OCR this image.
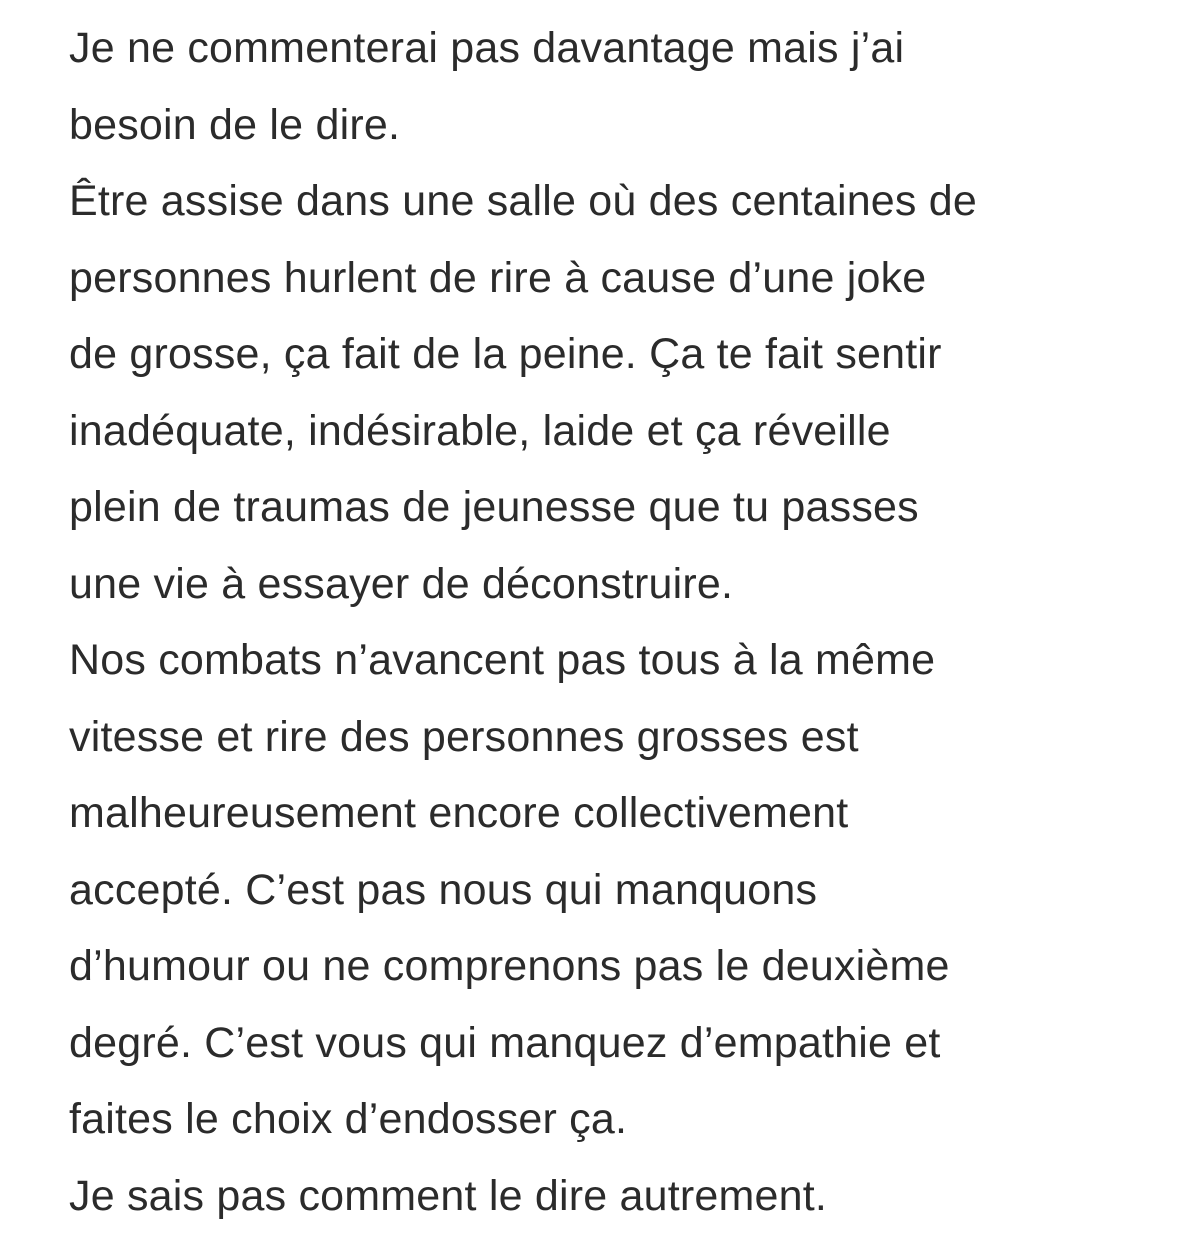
Je ne commenterai pas davantage mais j’ai
besoin de le dire.
Être assise dans une salle où des centaines de
personnes hurlent de rire à cause d’une joke
de grosse, ça fait de la peine. Ça te fait sentir
inadéquate, indésirable, laide et ça réveille
plein de traumas de jeunesse que tu passes
une vie à essayer de déconstruire.
Nos combats n’avancent pas tous à la même
vitesse et rire des personnes grosses est
malheureusement encore collectivement
accepté. C’est pas nous qui manquons
d’humour ou ne comprenons pas le deuxième
degré. C’est vous qui manquez d’empathie et
faites le choix d’endosser ça.
Je sais pas comment le dire autrement.
